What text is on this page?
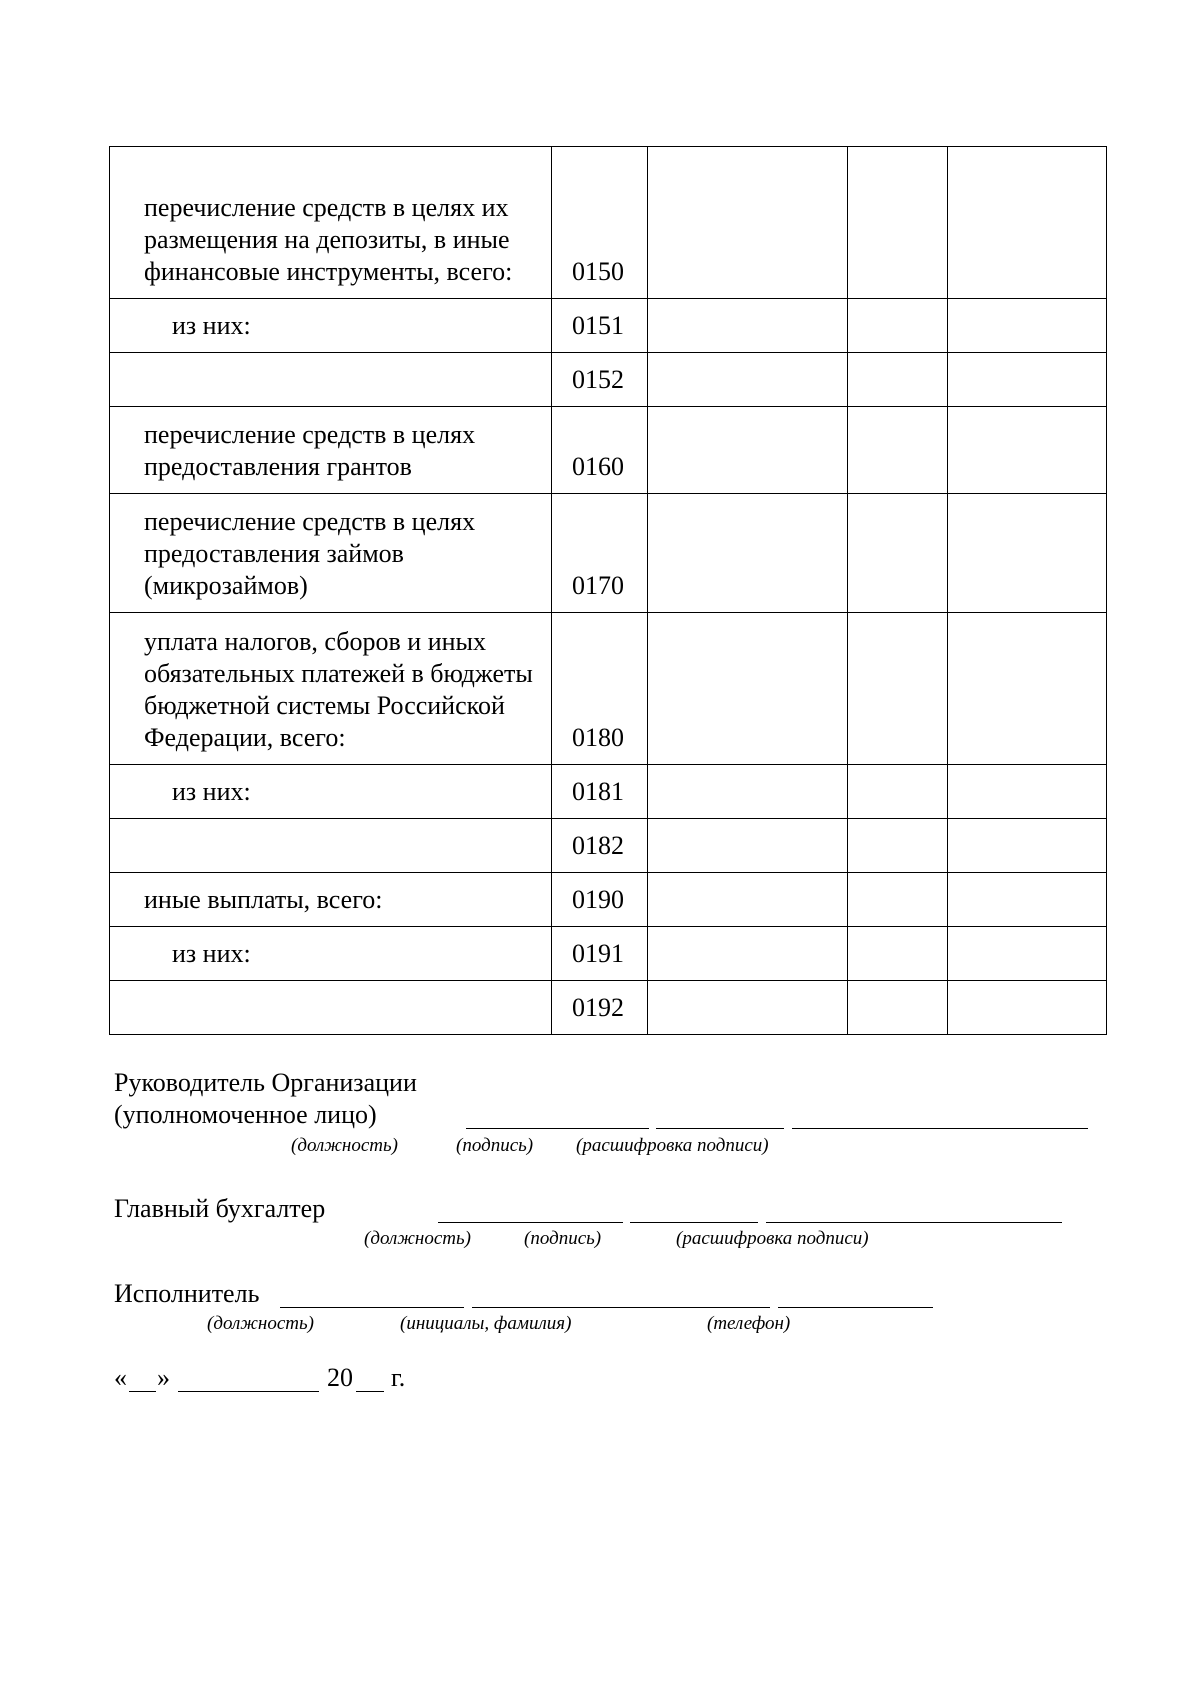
перечисление средств в целях их размещения на депозиты, в иные финансовые инструменты, всего:	0150			
из них:	0151			
	0152			
перечисление средств в целях предоставления грантов	0160			
перечисление средств в целях предоставления займов (микрозаймов)	0170			
уплата налогов, сборов и иных обязательных платежей в бюджеты бюджетной системы Российской Федерации, всего:	0180			
из них:	0181			
	0182			
иные выплаты, всего:	0190			
из них:	0191			
	0192			
Руководитель Организации
(уполномоченное лицо)
(должность)	(подпись) (расшифровка подписи)
Главный бухгалтер
(должность)	(подпись)	(расшифровка подписи)
Исполнитель
(должность)	(инициалы, фамилия)	(телефон)
« »	20 г.
